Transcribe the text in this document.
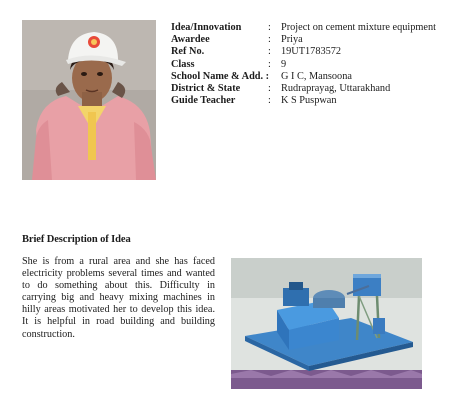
Idea/Innovation	: Project on cement mixture equipment
Awardee	: Priya
Ref No.	: 19UT1783572
Class	: 9
School Name & Add. :	G I C, Mansoona
District & State	: Rudraprayag, Uttarakhand
Guide Teacher	: K S Puspwan
Brief Description of Idea
She is from a rural area and she has faced electricity problems several times and wanted to do something about this. Difficulty in carrying big and heavy mixing machines in hilly areas motivated her to develop this idea. It is helpful in road building and building construction.
